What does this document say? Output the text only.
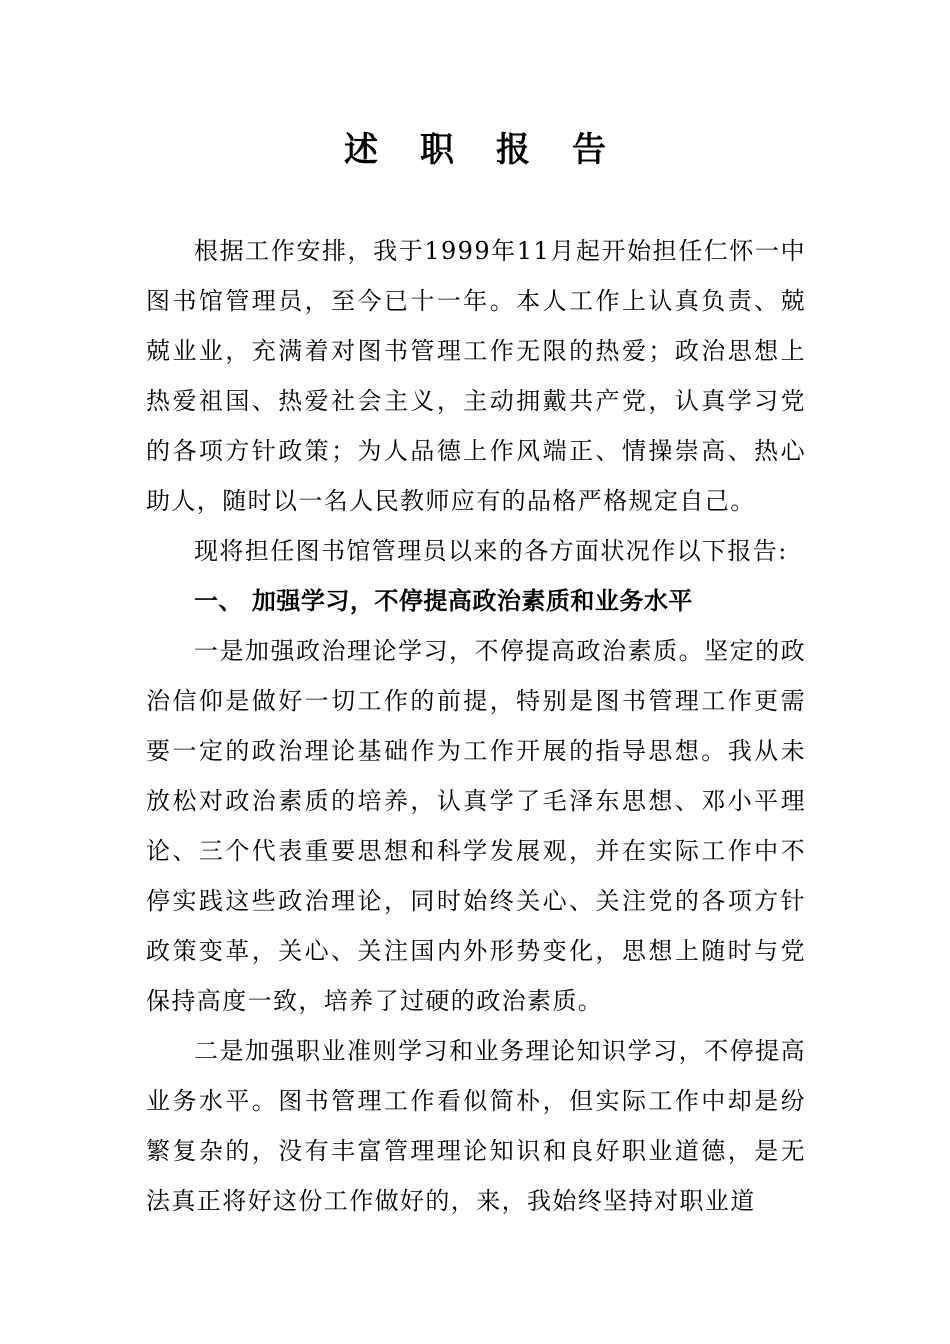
述职报告

根据工作安排，我于1999年11月起开始担任仁怀一中图书馆管理员，至今已十一年。本人工作上认真负责、兢兢业业，充满着对图书管理工作无限的热爱；政治思想上热爱祖国、热爱社会主义，主动拥戴共产党，认真学习党的各项方针政策；为人品德上作风端正、情操崇高、热心助人，随时以一名人民教师应有的品格严格规定自己。

现将担任图书馆管理员以来的各方面状况作以下报告:

一、 加强学习，不停提高政治素质和业务水平

一是加强政治理论学习，不停提高政治素质。坚定的政治信仰是做好一切工作的前提，特别是图书管理工作更需要一定的政治理论基础作为工作开展的指导思想。我从未放松对政治素质的培养，认真学了毛泽东思想、邓小平理论、三个代表重要思想和科学发展观，并在实际工作中不停实践这些政治理论，同时始终关心、关注党的各项方针政策变革，关心、关注国内外形势变化，思想上随时与党保持高度一致，培养了过硬的政治素质。

二是加强职业准则学习和业务理论知识学习，不停提高业务水平。图书管理工作看似简朴，但实际工作中却是纷繁复杂的，没有丰富管理理论知识和良好职业道德，是无法真正将好这份工作做好的，来，我始终坚持对职业道
